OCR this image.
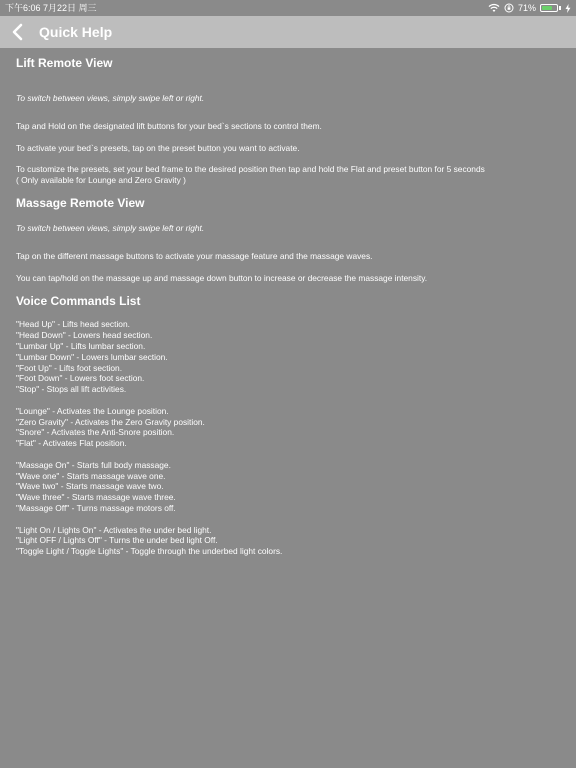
下午6:06 7月22日 周三	71%
Quick Help
Lift Remote View

To switch between views, simply swipe left or right.

Tap and Hold on the designated lift buttons for your bed`s sections to control them.

To activate your bed`s presets, tap on the preset button you want to activate.

To customize the presets, set your bed frame to the desired position then tap and hold the Flat and preset button for 5 seconds

( Only available for Lounge and Zero Gravity )

Massage Remote View

To switch between views, simply swipe left or right.

Tap on the different massage buttons to activate your massage feature and the massage waves.

You can tap/hold on the massage up and massage down button to increase or decrease the massage intensity.

Voice Commands List

"Head Up" - Lifts head section.

"Head Down" - Lowers head section.

"Lumbar Up" - Lifts lumbar section.

"Lumbar Down" - Lowers lumbar section.

"Foot Up" - Lifts foot section.

"Foot Down" - Lowers foot section.

"Stop" - Stops all lift activities.

"Lounge" - Activates the Lounge position.

"Zero Gravity" - Activates the Zero Gravity position.

"Snore" - Activates the Anti-Snore position.

"Flat" - Activates Flat position.

"Massage On" - Starts full body massage.

"Wave one" - Starts massage wave one.

"Wave two" - Starts massage wave two.

"Wave three" - Starts massage wave three.

"Massage Off" - Turns massage motors off.

"Light On / Lights On" - Activates the under bed light.

"Light OFF / Lights Off" - Turns the under bed light Off.

"Toggle Light / Toggle Lights" - Toggle through the underbed light colors.
